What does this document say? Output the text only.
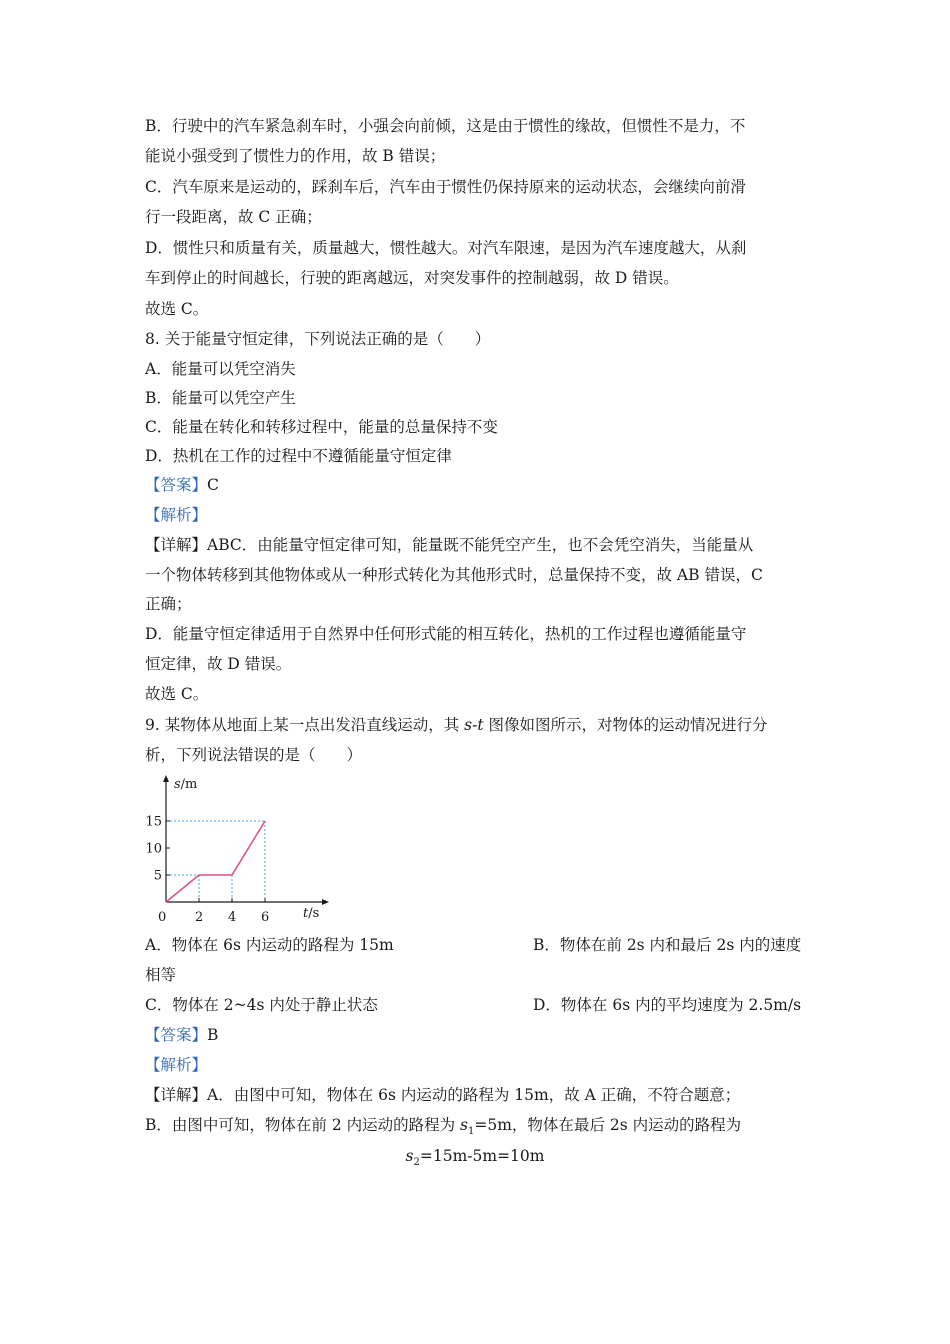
B．行驶中的汽车紧急刹车时，小强会向前倾，这是由于惯性的缘故，但惯性不是力，不
能说小强受到了惯性力的作用，故 B 错误；
C．汽车原来是运动的，踩刹车后，汽车由于惯性仍保持原来的运动状态，会继续向前滑
行一段距离，故 C 正确；
D．惯性只和质量有关，质量越大，惯性越大。对汽车限速，是因为汽车速度越大，从刹
车到停止的时间越长，行驶的距离越远，对突发事件的控制越弱，故 D 错误。
故选 C。
8. 关于能量守恒定律，下列说法正确的是（　　）
A．能量可以凭空消失
B．能量可以凭空产生
C．能量在转化和转移过程中，能量的总量保持不变
D．热机在工作的过程中不遵循能量守恒定律
【答案】C
【解析】
【详解】ABC．由能量守恒定律可知，能量既不能凭空产生，也不会凭空消失，当能量从
一个物体转移到其他物体或从一种形式转化为其他形式时，总量保持不变，故 AB 错误，C
正确；
D．能量守恒定律适用于自然界中任何形式能的相互转化，热机的工作过程也遵循能量守
恒定律，故 D 错误。
故选 C。
9. 某物体从地面上某一点出发沿直线运动，其 s-t 图像如图所示，对物体的运动情况进行分
析，下列说法错误的是（　　）
2 4 6
5
10
15
s/m
t/s
0
A．物体在 6s 内运动的路程为 15m	B．物体在前 2s 内和最后 2s 内的速度
相等
C．物体在 2~4s 内处于静止状态	D．物体在 6s 内的平均速度为 2.5m/s
【答案】B
【解析】
【详解】A．由图中可知，物体在 6s 内运动的路程为 15m，故 A 正确，不符合题意；
B．由图中可知，物体在前 2 内运动的路程为 $s_1=5m$，物体在最后 2s 内运动的路程为
$s_2=15m-5m=10m$
